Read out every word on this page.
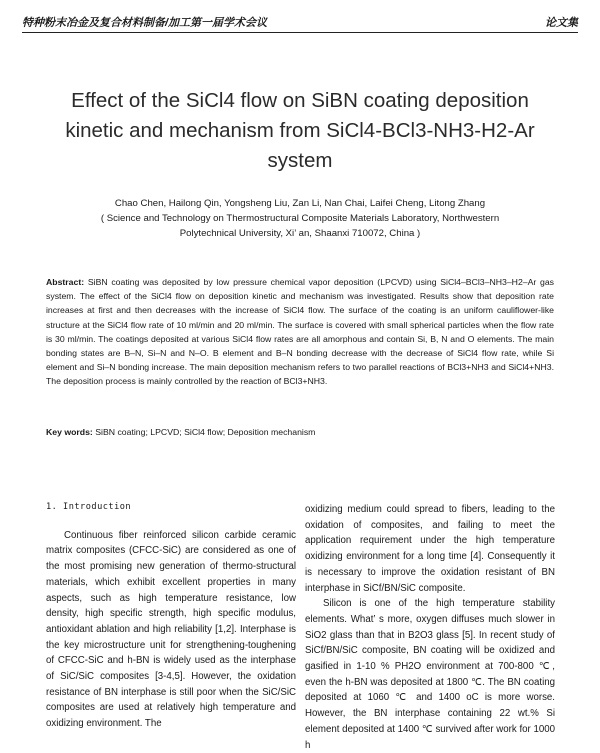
特种粉末冶金及复合材料制备/加工第一届学术会议	论文集
Effect of the SiCl4 flow on SiBN coating deposition
kinetic and mechanism from SiCl4-BCl3-NH3-H2-Ar
system
Chao Chen, Hailong Qin, Yongsheng Liu, Zan Li, Nan Chai, Laifei Cheng, Litong Zhang
( Science and Technology on Thermostructural Composite Materials Laboratory, Northwestern
Polytechnical University, Xi’ an, Shaanxi 710072, China )
Abstract: SiBN coating was deposited by low pressure chemical vapor deposition (LPCVD) using SiCl4–BCl3–NH3–H2–Ar gas system. The effect of the SiCl4 flow on deposition kinetic and mechanism was investigated. Results show that deposition rate increases at first and then decreases with the increase of SiCl4 flow. The surface of the coating is an uniform cauliflower-like structure at the SiCl4 flow rate of 10 ml/min and 20 ml/min. The surface is covered with small spherical particles when the flow rate is 30 ml/min. The coatings deposited at various SiCl4 flow rates are all amorphous and contain Si, B, N and O elements. The main bonding states are B–N, Si–N and N–O. B element and B–N bonding decrease with the decrease of SiCl4 flow rate, while Si element and Si–N bonding increase. The main deposition mechanism refers to two parallel reactions of BCl3+NH3 and SiCl4+NH3. The deposition process is mainly controlled by the reaction of BCl3+NH3.
Key words: SiBN coating; LPCVD; SiCl4 flow; Deposition mechanism
1. Introduction

Continuous fiber reinforced silicon carbide ceramic matrix composites (CFCC-SiC) are considered as one of the most promising new generation of thermo-structural materials, which exhibit excellent properties in many aspects, such as high temperature resistance, low density, high specific strength, high specific modulus, antioxidant ablation and high reliability [1,2]. Interphase is the key microstructure unit for strengthening-toughening of CFCC-SiC and h-BN is widely used as the interphase of SiC/SiC composites [3-4,5]. However, the oxidation resistance of BN interphase is still poor when the SiC/SiC composites are used at relatively high temperature and oxidizing environment. The

oxidizing medium could spread to fibers, leading to the oxidation of composites, and failing to meet the application requirement under the high temperature oxidizing environment for a long time [4]. Consequently it is necessary to improve the oxidation resistant of BN interphase in SiCf/BN/SiC composite.

Silicon is one of the high temperature stability elements. What’ s more, oxygen diffuses much slower in SiO2 glass than that in B2O3 glass [5]. In recent study of SiCf/BN/SiC composite, BN coating will be oxidized and gasified in 1-10 % PH2O environment at 700-800 ℃, even the h-BN was deposited at 1800 ℃. The BN coating deposited at 1060 ℃ and 1400 oC is more worse. However, the BN interphase containing 22 wt.% Si element deposited at 1400 ℃ survived after work for 1000 h
